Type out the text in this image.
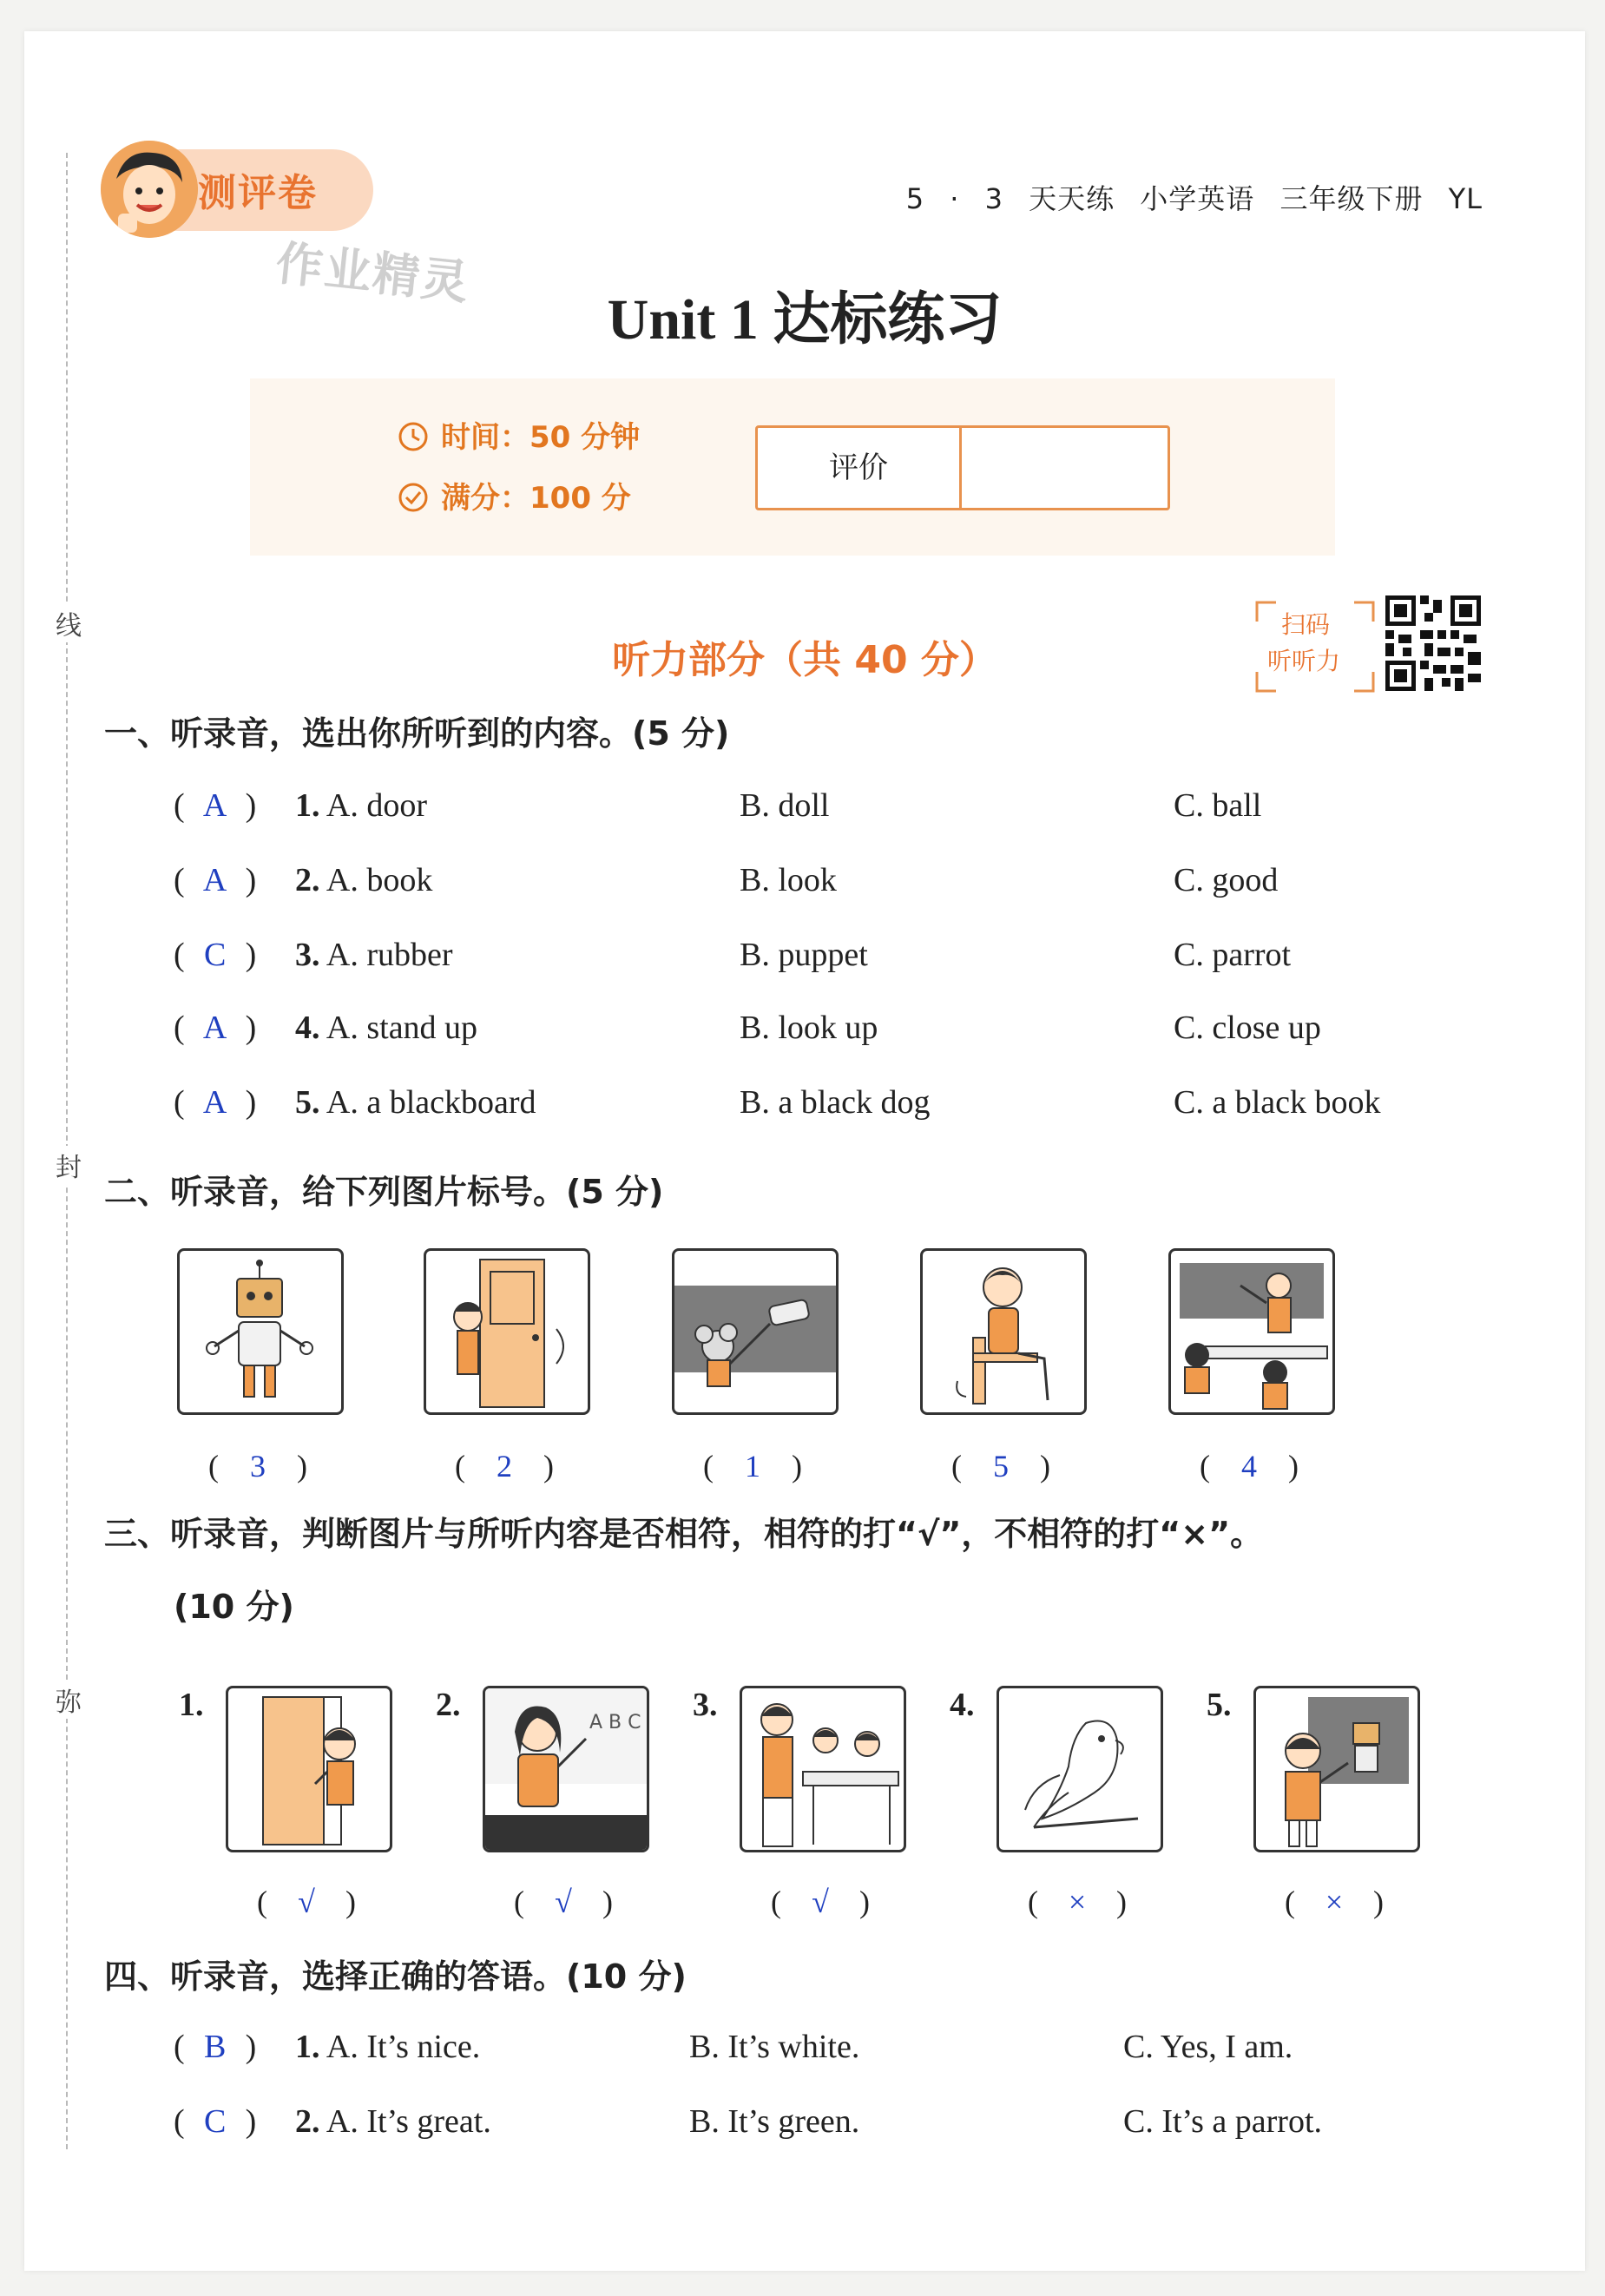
线
封
弥
测评卷
作业精灵
5 · 3 天天练 小学英语 三年级下册 YL
Unit 1 达标练习
时间：50 分钟
满分：100 分
评价
听力部分（共 40 分）
扫码
听听力
一、听录音，选出你所听到的内容。(5 分)
二、听录音，给下列图片标号。(5 分)
( 3 )	( 2 )	( 1 )	( 5 )	( 4 )
三、听录音，判断图片与所听内容是否相符，相符的打“√”，不相符的打“×”。
(10 分)
1.	2.	3.	4.	5.
A B C
( √ )	( √ )	( √ )	( × )	( × )
四、听录音，选择正确的答语。(10 分)
( A ) 1. A. door	B. doll	C. ball
( A ) 2. A. book	B. look	C. good
( C ) 3. A. rubber	B. puppet	C. parrot
( A ) 4. A. stand up	B. look up	C. close up
( A ) 5. A. a blackboard	B. a black dog	C. a black book
( B ) 1. A. It’s nice.	B. It’s white.	C. Yes, I am.
( C ) 2. A. It’s great.	B. It’s green.	C. It’s a parrot.
